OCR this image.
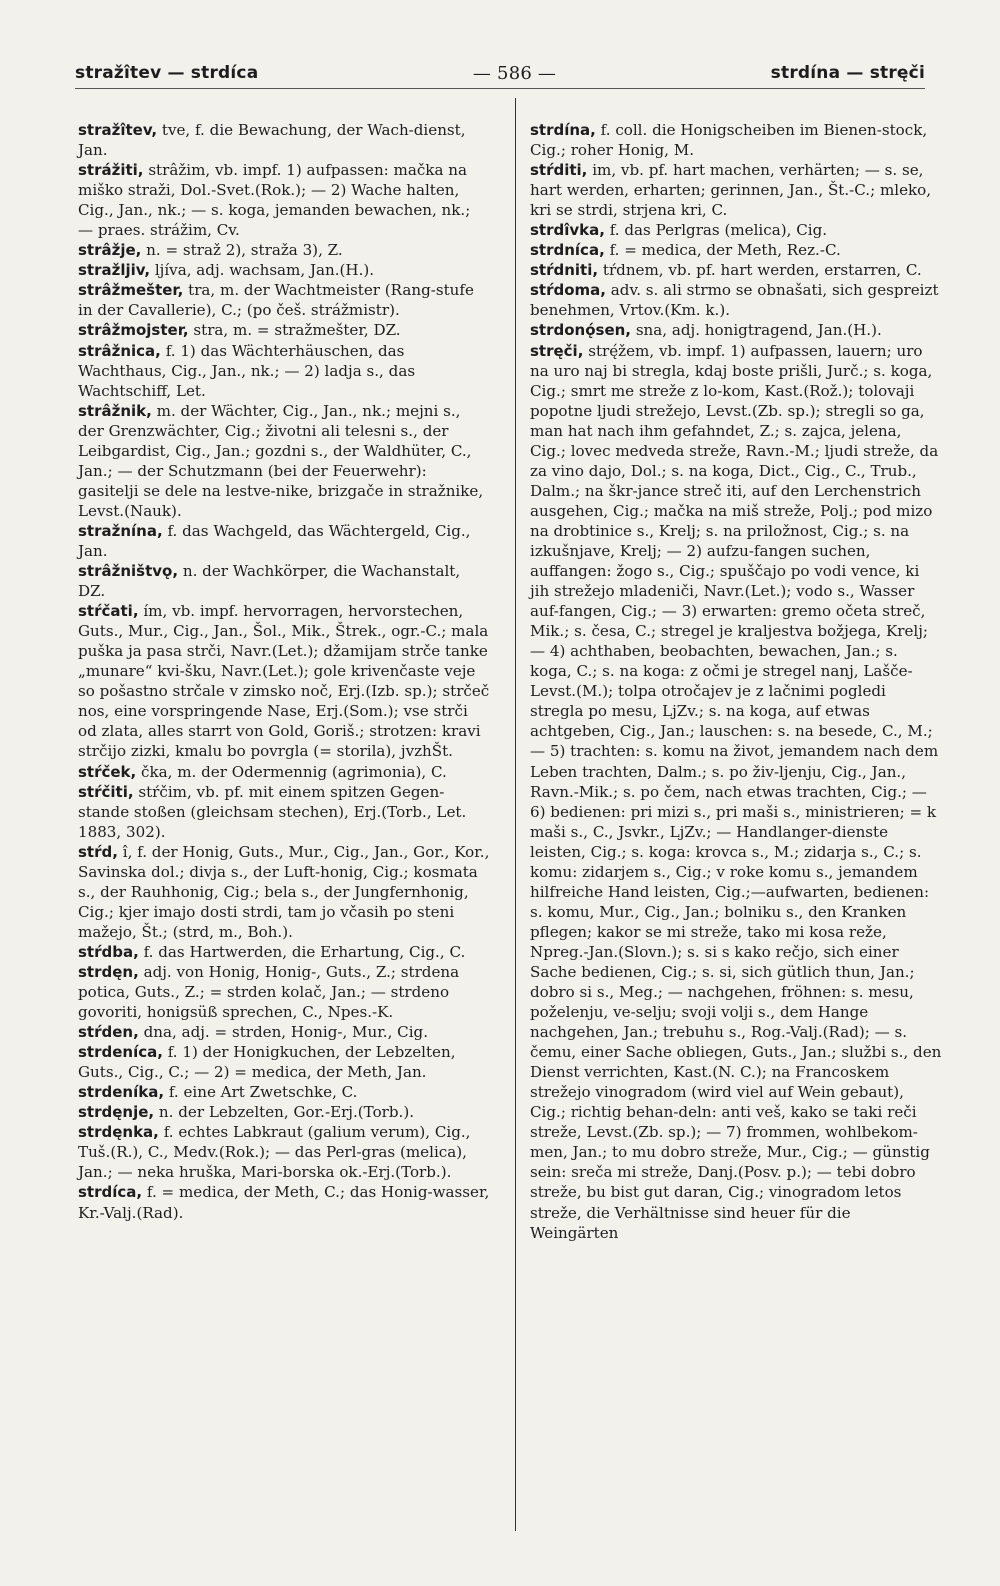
stražîtev — strdíca	— 586 —	strdína — stręči

stražîtev, tve, f. die Bewachung, der Wach-dienst, Jan.

stráži̇ti, strâžim, vb. impf. 1) aufpassen: mačka na miško straži, Dol.-Svet.(Rok.); — 2) Wache halten, Cig., Jan., nk.; — s. koga, jemanden bewachen, nk.; — praes. strážim, Cv.

strâžje, n. = straž 2), straža 3), Z.

stražljiv, ljíva, adj. wachsam, Jan.(H.).

strâžmešter, tra, m. der Wachtmeister (Rang-stufe in der Cavallerie), C.; (po češ. strážmistr).

strâžmojster, stra, m. = stražmešter, DZ.

strâžnica, f. 1) das Wächterhäuschen, das Wachthaus, Cig., Jan., nk.; — 2) ladja s., das Wachtschiff, Let.

strâžnik, m. der Wächter, Cig., Jan., nk.; mejni s., der Grenzwächter, Cig.; životni ali telesni s., der Leibgardist, Cig., Jan.; gozdni s., der Waldhüter, C., Jan.; — der Schutzmann (bei der Feuerwehr): gasitelji se dele na lestve-nike, brizgače in stražnike, Levst.(Nauk).

stražnína, f. das Wachgeld, das Wächtergeld, Cig., Jan.

strâžništvǫ, n. der Wachkörper, die Wachanstalt, DZ.

stŕčati, ím, vb. impf. hervorragen, hervorstechen, Guts., Mur., Cig., Jan., Šol., Mik., Štrek., ogr.-C.; mala puška ja pasa strči, Navr.(Let.); džamijam strče tanke „munare“ kvi-šku, Navr.(Let.); gole krivenčaste veje so pošastno strčale v zimsko noč, Erj.(Izb. sp.); strčeč nos, eine vorspringende Nase, Erj.(Som.); vse strči od zlata, alles starrt von Gold, Goriš.; strotzen: kravi strčijo zizki, kmalu bo povrgla (= storila), jvzhŠt.

stŕček, čka, m. der Odermennig (agrimonia), C.

stŕčiti, stŕčim, vb. pf. mit einem spitzen Gegen-stande stoßen (gleichsam stechen), Erj.(Torb., Let. 1883, 302).

stŕd, î, f. der Honig, Guts., Mur., Cig., Jan., Gor., Kor., Savinska dol.; divja s., der Luft-honig, Cig.; kosmata s., der Rauhhonig, Cig.; bela s., der Jungfernhonig, Cig.; kjer imajo dosti strdi, tam jo včasih po steni mažejo, Št.; (strd, m., Boh.).

stŕdba, f. das Hartwerden, die Erhartung, Cig., C.

strdęn, adj. von Honig, Honig-, Guts., Z.; strdena potica, Guts., Z.; = strden kolač, Jan.; — strdeno govoriti, honigsüß sprechen, C., Npes.-K.

stŕden, dna, adj. = strden, Honig-, Mur., Cig.

strdeníca, f. 1) der Honigkuchen, der Lebzelten, Guts., Cig., C.; — 2) = medica, der Meth, Jan.

strdeníka, f. eine Art Zwetschke, C.

strdęnje, n. der Lebzelten, Gor.-Erj.(Torb.).

strdęnka, f. echtes Labkraut (galium verum), Cig., Tuš.(R.), C., Medv.(Rok.); — das Perl-gras (melica), Jan.; — neka hruška, Mari-borska ok.-Erj.(Torb.).

strdíca, f. = medica, der Meth, C.; das Honig-wasser, Kr.-Valj.(Rad).

strdína, f. coll. die Honigscheiben im Bienen-stock, Cig.; roher Honig, M.

stŕditi, im, vb. pf. hart machen, verhärten; — s. se, hart werden, erharten; gerinnen, Jan., Št.-C.; mleko, kri se strdi, strjena kri, C.

strdîvka, f. das Perlgras (melica), Cig.

strdníca, f. = medica, der Meth, Rez.-C.

stŕdniti, tŕdnem, vb. pf. hart werden, erstarren, C.

stŕdoma, adv. s. ali strmo se obnašati, sich gespreizt benehmen, Vrtov.(Km. k.).

strdonǫ́sen, sna, adj. honigtragend, Jan.(H.).

stręči, strę́žem, vb. impf. 1) aufpassen, lauern; uro na uro naj bi stregla, kdaj boste prišli, Jurč.; s. koga, Cig.; smrt me streže z lo-kom, Kast.(Rož.); tolovaji popotne ljudi strežejo, Levst.(Zb. sp.); stregli so ga, man hat nach ihm gefahndet, Z.; s. zajca, jelena, Cig.; lovec medveda streže, Ravn.-M.; ljudi streže, da za vino dajo, Dol.; s. na koga, Dict., Cig., C., Trub., Dalm.; na škr-jance streč iti, auf den Lerchenstrich ausgehen, Cig.; mačka na miš streže, Polj.; pod mizo na drobtinice s., Krelj; s. na priložnost, Cig.; s. na izkušnjave, Krelj; — 2) aufzu-fangen suchen, auffangen: žogo s., Cig.; spuščajo po vodi vence, ki jih strežejo mladeniči, Navr.(Let.); vodo s., Wasser auf-fangen, Cig.; — 3) erwarten: gremo očeta streč, Mik.; s. česa, C.; stregel je kraljestva božjega, Krelj; — 4) achthaben, beobachten, bewachen, Jan.; s. koga, C.; s. na koga: z očmi je stregel nanj, Lašče-Levst.(M.); tolpa otročajev je z lačnimi pogledi stregla po mesu, LjZv.; s. na koga, auf etwas achtgeben, Cig., Jan.; lauschen: s. na besede, C., M.; — 5) trachten: s. komu na život, jemandem nach dem Leben trachten, Dalm.; s. po živ-ljenju, Cig., Jan., Ravn.-Mik.; s. po čem, nach etwas trachten, Cig.; — 6) bedienen: pri mizi s., pri maši s., ministrieren; = k maši s., C., Jsvkr., LjZv.; — Handlanger-dienste leisten, Cig.; s. koga: krovca s., M.; zidarja s., C.; s. komu: zidarjem s., Cig.; v roke komu s., jemandem hilfreiche Hand leisten, Cig.;—aufwarten, bedienen: s. komu, Mur., Cig., Jan.; bolniku s., den Kranken pflegen; kakor se mi streže, tako mi kosa reže, Npreg.-Jan.(Slovn.); s. si s kako rečjo, sich einer Sache bedienen, Cig.; s. si, sich gütlich thun, Jan.; dobro si s., Meg.; — nachgehen, fröhnen: s. mesu, poželenju, ve-selju; svoji volji s., dem Hange nachgehen, Jan.; trebuhu s., Rog.-Valj.(Rad); — s. čemu, einer Sache obliegen, Guts., Jan.; službi s., den Dienst verrichten, Kast.(N. C.); na Francoskem strežejo vinogradom (wird viel auf Wein gebaut), Cig.; richtig behan-deln: anti veš, kako se taki reči streže, Levst.(Zb. sp.); — 7) frommen, wohlbekom-men, Jan.; to mu dobro streže, Mur., Cig.; — günstig sein: sreča mi streže, Danj.(Posv. p.); — tebi dobro streže, bu bist gut daran, Cig.; vinogradom letos streže, die Verhältnisse sind heuer für die Weingärten
